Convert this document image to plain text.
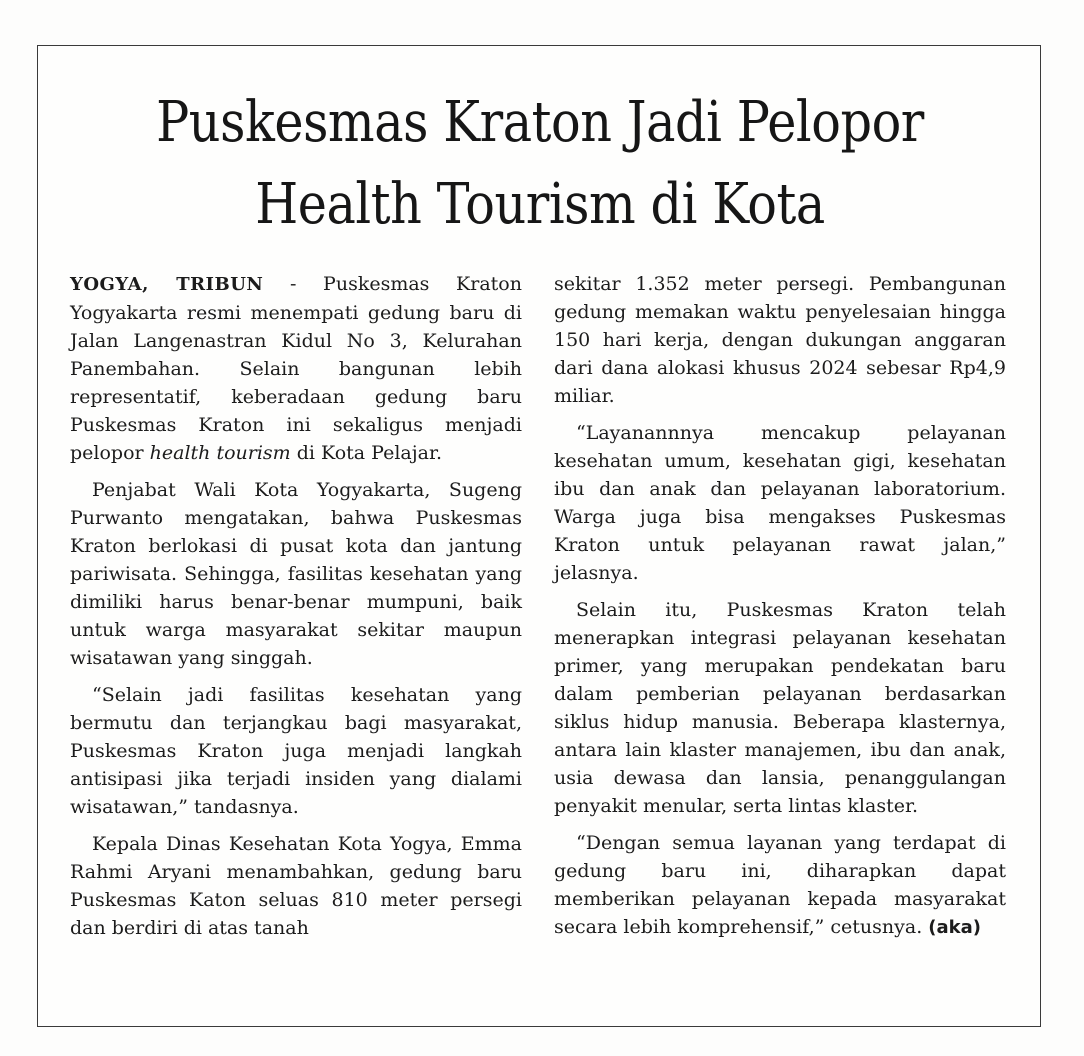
Puskesmas Kraton Jadi Pelopor
Health Tourism di Kota

YOGYA, TRIBUN - Puskesmas Kraton Yogyakarta resmi menempati gedung baru di Jalan Langenastran Kidul No 3, Kelurahan Panembahan. Selain bangunan lebih representatif, keberadaan gedung baru Puskesmas Kraton ini sekaligus menjadi pelopor health tourism di Kota Pelajar.

Penjabat Wali Kota Yogyakarta, Sugeng Purwanto mengatakan, bahwa Puskesmas Kraton berlokasi di pusat kota dan jantung pariwisata. Sehingga, fasilitas kesehatan yang dimiliki harus benar-benar mumpuni, baik untuk warga masyarakat sekitar maupun wisatawan yang singgah.

“Selain jadi fasilitas kesehatan yang bermutu dan terjangkau bagi masyarakat, Puskesmas Kraton juga menjadi langkah antisipasi jika terjadi insiden yang dialami wisatawan,” tandasnya.

Kepala Dinas Kesehatan Kota Yogya, Emma Rahmi Aryani menambahkan, gedung baru Puskesmas Katon seluas 810 meter persegi dan berdiri di atas tanah

sekitar 1.352 meter persegi. Pembangunan gedung memakan waktu penyelesaian hingga 150 hari kerja, dengan dukungan anggaran dari dana alokasi khusus 2024 sebesar Rp4,9 miliar.

“Layanannnya mencakup pelayanan kesehatan umum, kesehatan gigi, kesehatan ibu dan anak dan pelayanan laboratorium. Warga juga bisa mengakses Puskesmas Kraton untuk pelayanan rawat jalan,” jelasnya.

Selain itu, Puskesmas Kraton telah menerapkan integrasi pelayanan kesehatan primer, yang merupakan pendekatan baru dalam pemberian pelayanan berdasarkan siklus hidup manusia. Beberapa klasternya, antara lain klaster manajemen, ibu dan anak, usia dewasa dan lansia, penanggulangan penyakit menular, serta lintas klaster.

“Dengan semua layanan yang terdapat di gedung baru ini, diharapkan dapat memberikan pelayanan kepada masyarakat secara lebih komprehensif,” cetusnya. (aka)
